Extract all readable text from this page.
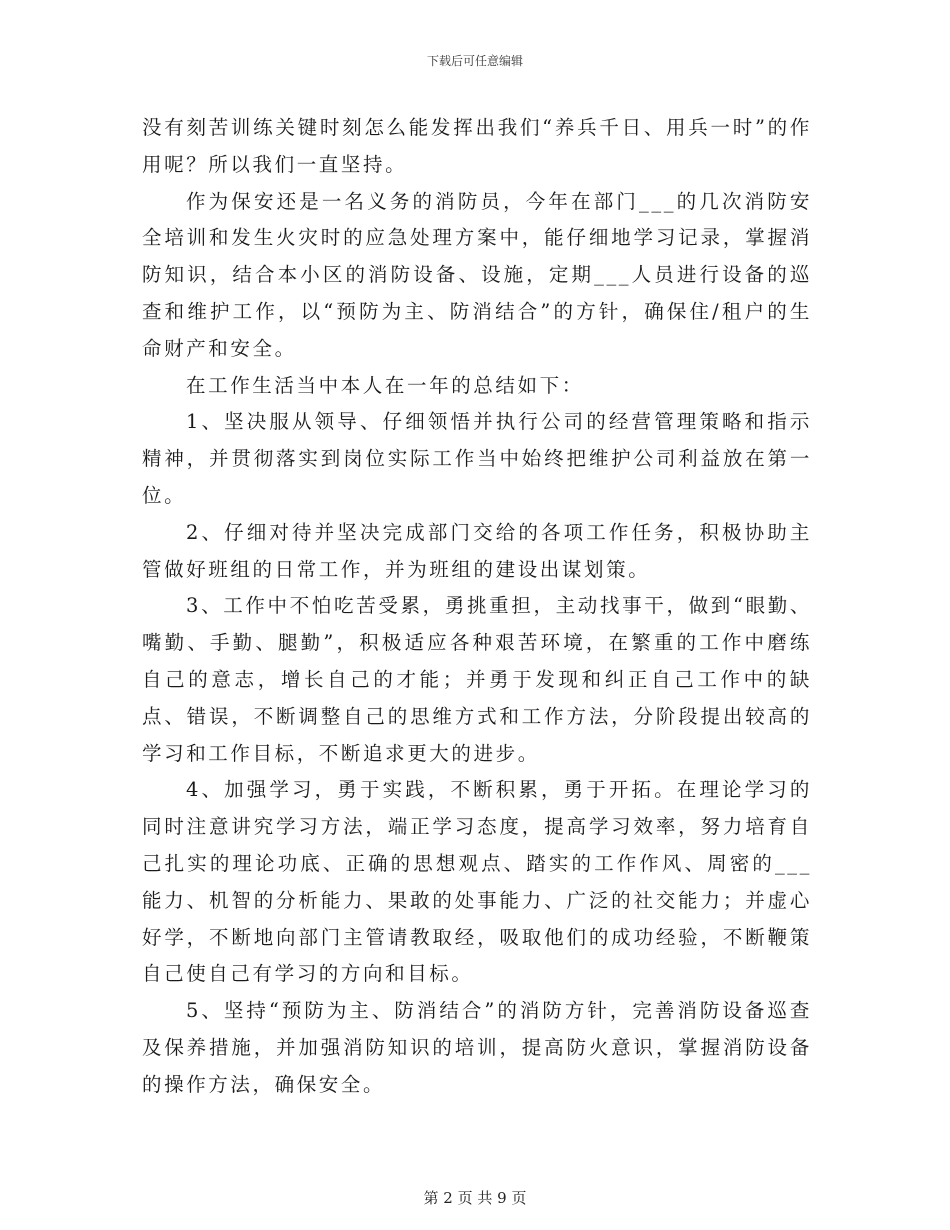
下载后可任意编辑

没有刻苦训练关键时刻怎么能发挥出我们“养兵千日、用兵一时”的作用呢？所以我们一直坚持。

作为保安还是一名义务的消防员，今年在部门___的几次消防安全培训和发生火灾时的应急处理方案中，能仔细地学习记录，掌握消防知识，结合本小区的消防设备、设施，定期___人员进行设备的巡查和维护工作，以“预防为主、防消结合”的方针，确保住/租户的生命财产和安全。

在工作生活当中本人在一年的总结如下：

1、坚决服从领导、仔细领悟并执行公司的经营管理策略和指示精神，并贯彻落实到岗位实际工作当中始终把维护公司利益放在第一位。

2、仔细对待并坚决完成部门交给的各项工作任务，积极协助主管做好班组的日常工作，并为班组的建设出谋划策。

3、工作中不怕吃苦受累，勇挑重担，主动找事干，做到“眼勤、嘴勤、手勤、腿勤”，积极适应各种艰苦环境，在繁重的工作中磨练自己的意志，增长自己的才能；并勇于发现和纠正自己工作中的缺点、错误，不断调整自己的思维方式和工作方法，分阶段提出较高的学习和工作目标，不断追求更大的进步。

4、加强学习，勇于实践，不断积累，勇于开拓。在理论学习的同时注意讲究学习方法，端正学习态度，提高学习效率，努力培育自己扎实的理论功底、正确的思想观点、踏实的工作作风、周密的___能力、机智的分析能力、果敢的处事能力、广泛的社交能力；并虚心好学，不断地向部门主管请教取经，吸取他们的成功经验，不断鞭策自己使自己有学习的方向和目标。

5、坚持“预防为主、防消结合”的消防方针，完善消防设备巡查及保养措施，并加强消防知识的培训，提高防火意识，掌握消防设备的操作方法，确保安全。

第 2 页 共 9 页
